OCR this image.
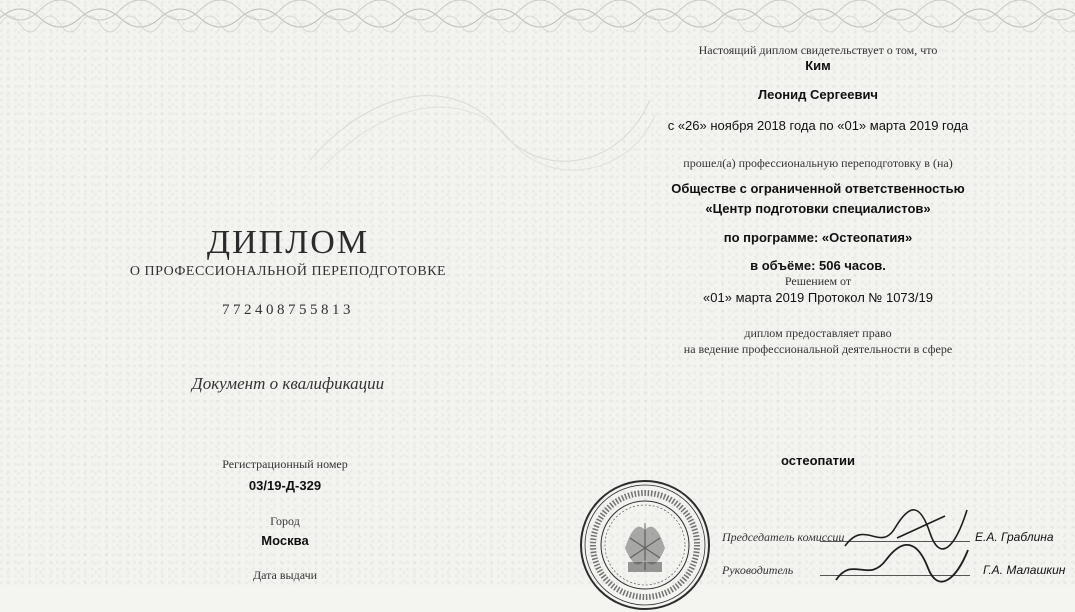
ДИПЛОМ
О ПРОФЕССИОНАЛЬНОЙ ПЕРЕПОДГОТОВКЕ
772408755813
Документ о квалификации
Регистрационный номер
03/19-Д-329
Город
Москва
Дата выдачи
Настоящий диплом свидетельствует о том, что
Ким
Леонид Сергеевич
с «26» ноября 2018 года по «01» марта 2019 года
прошел(а) профессиональную переподготовку в (на)
Обществе с ограниченной ответственностью
«Центр подготовки специалистов»
по программе: «Остеопатия»
в объёме: 506 часов.
Решением от
«01» марта 2019 Протокол № 1073/19
диплом предоставляет право
на ведение профессиональной деятельности в сфере
остеопатии
Председатель комиссии	Е.А. Граблина
Руководитель	Г.А. Малашкин
